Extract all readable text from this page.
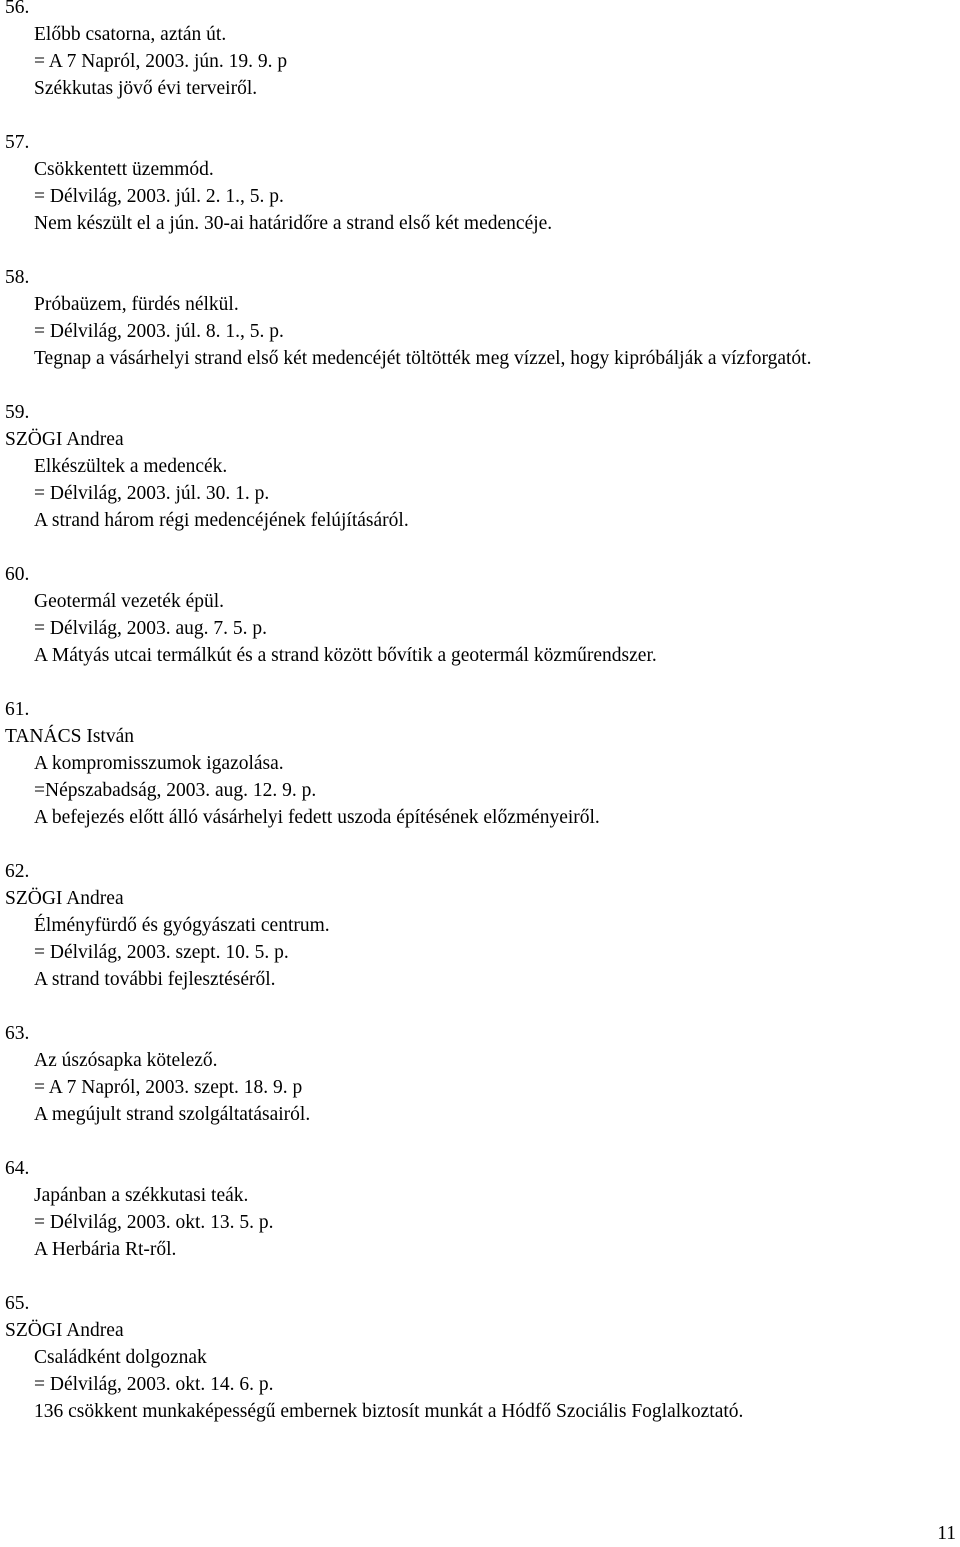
56.
Előbb csatorna, aztán út.
= A 7 Napról, 2003. jún. 19. 9. p
Székkutas jövő évi terveiről.
57.
Csökkentett üzemmód.
= Délvilág, 2003. júl. 2. 1., 5. p.
Nem készült el a jún. 30-ai határidőre a strand első két medencéje.
58.
Próbaüzem, fürdés nélkül.
= Délvilág, 2003. júl. 8. 1., 5. p.
Tegnap a vásárhelyi strand első két medencéjét töltötték meg vízzel, hogy kipróbálják a vízforgatót.
59.
SZÖGI Andrea
Elkészültek a medencék.
= Délvilág, 2003. júl. 30. 1. p.
A strand három régi medencéjének felújításáról.
60.
Geotermál vezeték épül.
= Délvilág, 2003. aug. 7. 5. p.
A Mátyás utcai termálkút és a strand között bővítik a geotermál közműrendszer.
61.
TANÁCS István
A kompromisszumok igazolása.
=Népszabadság, 2003. aug. 12. 9. p.
A befejezés előtt álló vásárhelyi fedett uszoda építésének előzményeiről.
62.
SZÖGI Andrea
Élményfürdő és gyógyászati centrum.
= Délvilág, 2003. szept. 10. 5. p.
A strand további fejlesztéséről.
63.
Az úszósapka kötelező.
= A 7 Napról, 2003. szept. 18. 9. p
A megújult strand szolgáltatásairól.
64.
Japánban a székkutasi teák.
= Délvilág, 2003. okt. 13. 5. p.
A Herbária Rt-ről.
65.
SZÖGI Andrea
Családként dolgoznak
= Délvilág, 2003. okt. 14. 6. p.
136 csökkent munkaképességű embernek biztosít munkát a Hódfő Szociális Foglalkoztató.
11
